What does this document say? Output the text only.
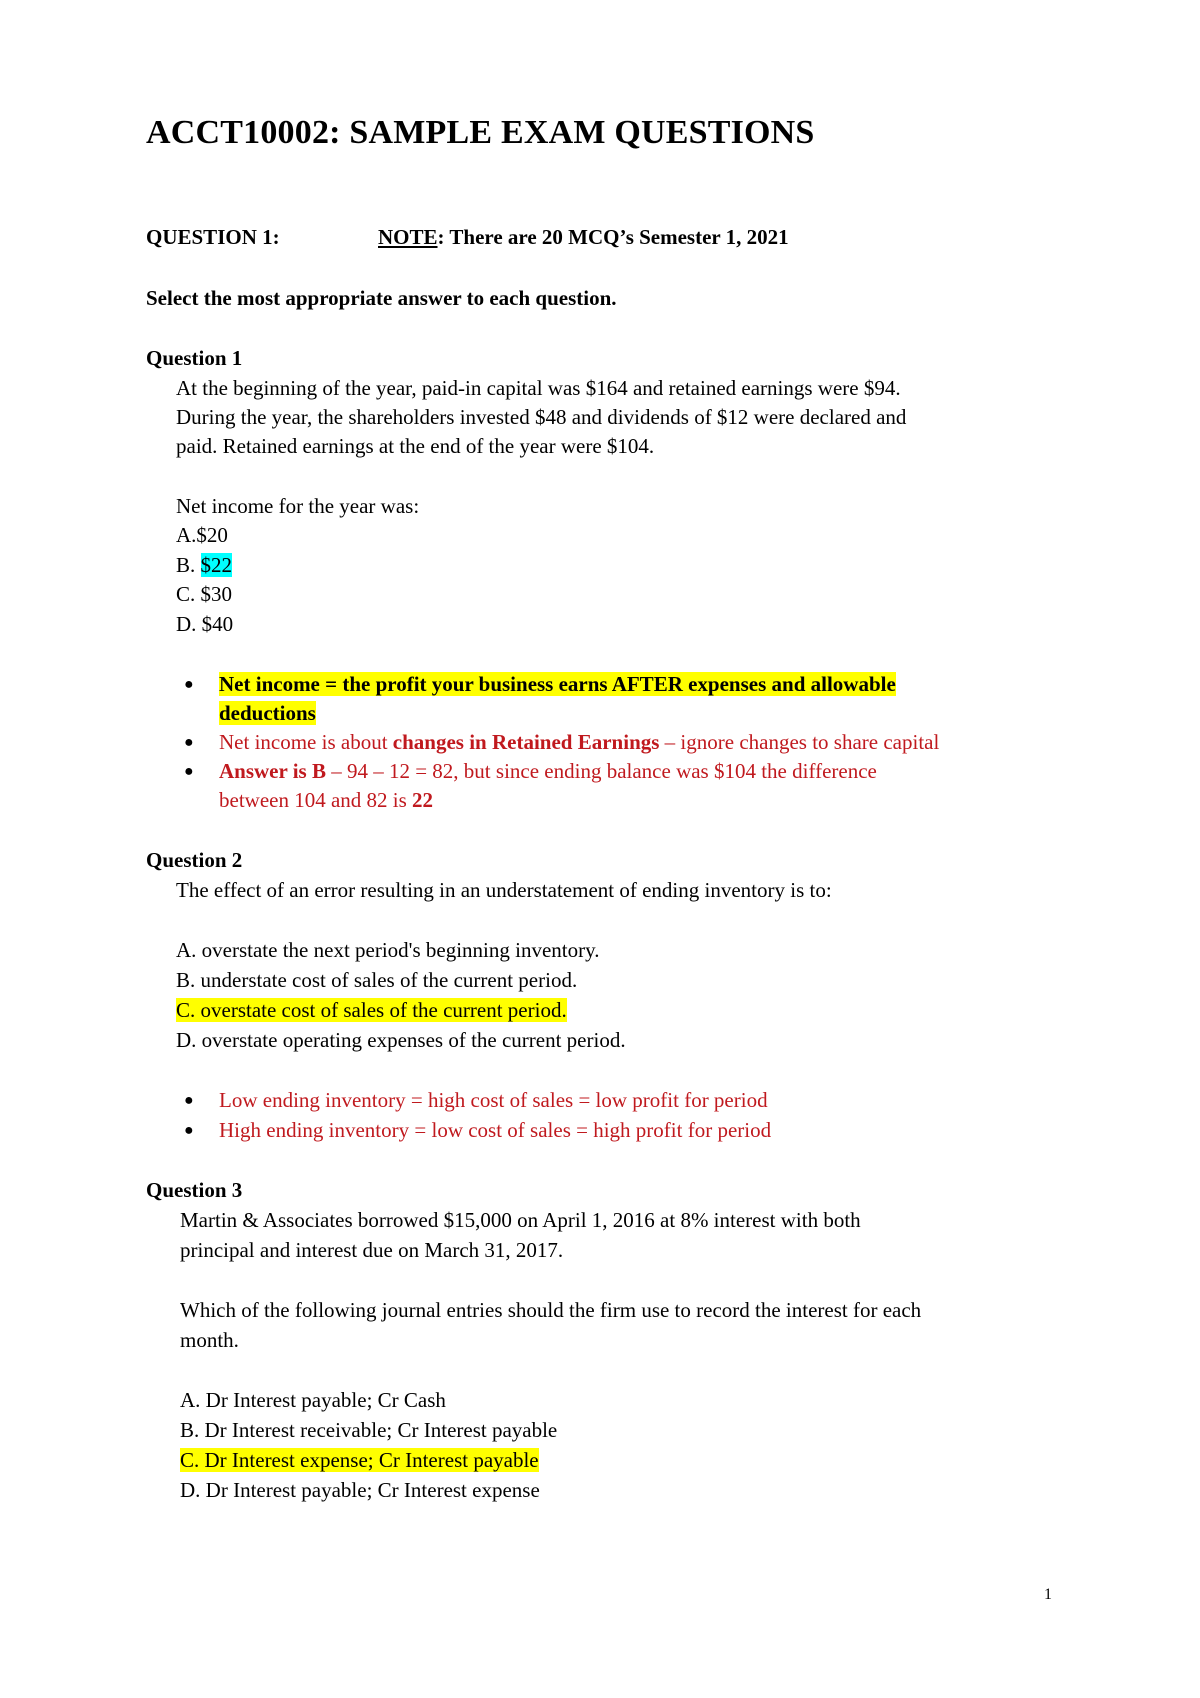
ACCT10002: SAMPLE EXAM QUESTIONS
QUESTION 1:	NOTE: There are 20 MCQ’s Semester 1, 2021
Select the most appropriate answer to each question.
Question 1
At the beginning of the year, paid-in capital was $164 and retained earnings were $94.
During the year, the shareholders invested $48 and dividends of $12 were declared and
paid. Retained earnings at the end of the year were $104.
Net income for the year was:
A.$20
B. $22
C. $30
D. $40
● Net income = the profit your business earns AFTER expenses and allowable
deductions
● Net income is about changes in Retained Earnings – ignore changes to share capital
● Answer is B – 94 – 12 = 82, but since ending balance was $104 the difference
between 104 and 82 is 22
Question 2
The effect of an error resulting in an understatement of ending inventory is to:
A. overstate the next period's beginning inventory.
B. understate cost of sales of the current period.
C. overstate cost of sales of the current period.
D. overstate operating expenses of the current period.
● Low ending inventory = high cost of sales = low profit for period
● High ending inventory = low cost of sales = high profit for period
Question 3
Martin & Associates borrowed $15,000 on April 1, 2016 at 8% interest with both
principal and interest due on March 31, 2017.
Which of the following journal entries should the firm use to record the interest for each
month.
A. Dr Interest payable; Cr Cash
B. Dr Interest receivable; Cr Interest payable
C. Dr Interest expense; Cr Interest payable
D. Dr Interest payable; Cr Interest expense
1
